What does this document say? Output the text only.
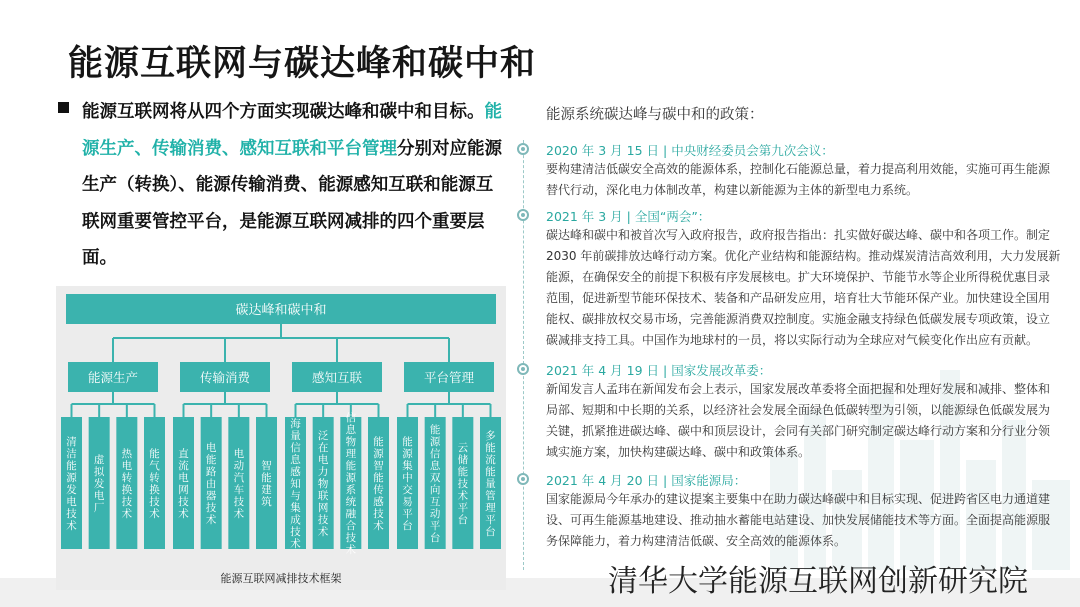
能源互联网与碳达峰和碳中和
能源互联网将从四个方面实现碳达峰和碳中和目标。能源生产、传输消费、感知互联和平台管理分别对应能源生产（转换）、能源传输消费、能源感知互联和能源互联网重要管控平台，是能源互联网减排的四个重要层面。
碳达峰和碳中和
能源生产
清洁能源发电技术
虚拟发电厂
热电转换技术
能气转换技术
传输消费
直流电网技术
电能路由器技术
电动汽车技术
智能建筑
感知互联
海量信息感知与集成技术
泛在电力物联网技术
信息物理能源系统融合技术
能源智能传感技术
平台管理
能源集中交易平台
能源信息双向互动平台
云储能技术平台
多能流能量管理平台
能源互联网减排技术框架
能源系统碳达峰与碳中和的政策：
2020 年 3 月 15 日 | 中央财经委员会第九次会议：
要构建清洁低碳安全高效的能源体系，控制化石能源总量，着力提高利用效能，实施可再生能源
替代行动，深化电力体制改革，构建以新能源为主体的新型电力系统。
2021 年 3 月 | 全国“两会”：
碳达峰和碳中和被首次写入政府报告，政府报告指出：扎实做好碳达峰、碳中和各项工作。制定
2030 年前碳排放达峰行动方案。优化产业结构和能源结构。推动煤炭清洁高效利用，大力发展新
能源，在确保安全的前提下积极有序发展核电。扩大环境保护、节能节水等企业所得税优惠目录
范围，促进新型节能环保技术、装备和产品研发应用，培育壮大节能环保产业。加快建设全国用
能权、碳排放权交易市场，完善能源消费双控制度。实施金融支持绿色低碳发展专项政策，设立
碳减排支持工具。中国作为地球村的一员，将以实际行动为全球应对气候变化作出应有贡献。
2021 年 4 月 19 日 | 国家发展改革委：
新闻发言人孟玮在新闻发布会上表示，国家发展改革委将全面把握和处理好发展和减排、整体和
局部、短期和中长期的关系，以经济社会发展全面绿色低碳转型为引领，以能源绿色低碳发展为
关键，抓紧推进碳达峰、碳中和顶层设计，会同有关部门研究制定碳达峰行动方案和分行业分领
域实施方案，加快构建碳达峰、碳中和政策体系。
2021 年 4 月 20 日 | 国家能源局：
国家能源局今年承办的建议提案主要集中在助力碳达峰碳中和目标实现、促进跨省区电力通道建
设、可再生能源基地建设、推动抽水蓄能电站建设、加快发展储能技术等方面。全面提高能源服
务保障能力，着力构建清洁低碳、安全高效的能源体系。
清华大学能源互联网创新研究院
